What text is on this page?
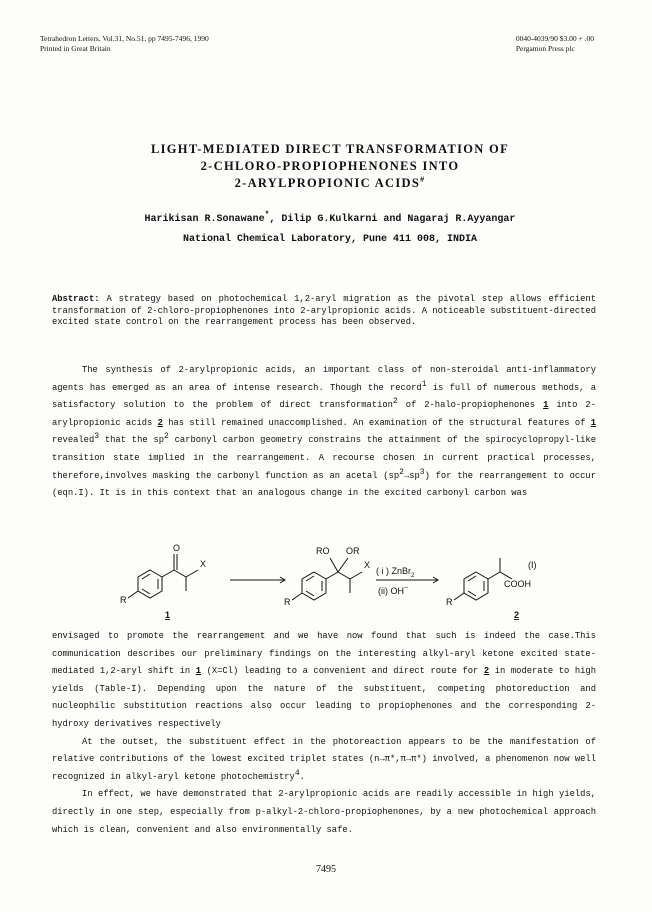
Tetrahedron Letters, Vol.31, No.51, pp 7495-7496, 1990
Printed in Great Britain
0040-4039/90 $3.00 + .00
Pergamon Press plc
LIGHT-MEDIATED DIRECT TRANSFORMATION OF
2-CHLORO-PROPIOPHENONES INTO
2-ARYLPROPIONIC ACIDS#
Harikisan R.Sonawane*, Dilip G.Kulkarni and Nagaraj R.Ayyangar
National Chemical Laboratory, Pune 411 008, INDIA
Abstract: A strategy based on photochemical 1,2-aryl migration as the pivotal step allows efficient transformation of 2-chloro-propiophenones into 2-arylpropionic acids. A noticeable substituent-directed excited state control on the rearrangement process has been observed.

The synthesis of 2-arylpropionic acids, an important class of non-steroidal anti-inflammatory agents has emerged as an area of intense research. Though the record1 is full of numerous methods, a satisfactory solution to the problem of direct transformation2 of 2-halo-propiophenones 1 into 2-arylpropionic acids 2 has still remained unaccomplished. An examination of the structural features of 1 revealed3 that the sp2 carbonyl carbon geometry constrains the attainment of the spirocyclopropyl-like transition state implied in the rearrangement. A recourse chosen in current practical processes, therefore,involves masking the carbonyl function as an acetal (sp2→sp3) for the rearrangement to occur (eqn.I). It is in this context that an analogous change in the excited carbonyl carbon was

O
X
R
1
RO OR
X
R
( i ) ZnBr$_2$
(ii) OH−	COOH
R
2
(I)

envisaged to promote the rearrangement and we have now found that such is indeed the case.This communication describes our preliminary findings on the interesting alkyl-aryl ketone excited state-mediated 1,2-aryl shift in 1 (X=Cl) leading to a convenient and direct route for 2 in moderate to high yields (Table-I). Depending upon the nature of the substituent, competing photoreduction and nucleophilic substitution reactions also occur leading to propiophenones and the corresponding 2-hydroxy derivatives respectively

At the outset, the substituent effect in the photoreaction appears to be the manifestation of relative contributions of the lowest excited triplet states (n→π*,π→π*) involved, a phenomenon now well recognized in alkyl-aryl ketone photochemistry4.

In effect, we have demonstrated that 2-arylpropionic acids are readily accessible in high yields, directly in one step, especially from p-alkyl-2-chloro-propiophenones, by a new photochemical approach which is clean, convenient and also environmentally safe.

7495
